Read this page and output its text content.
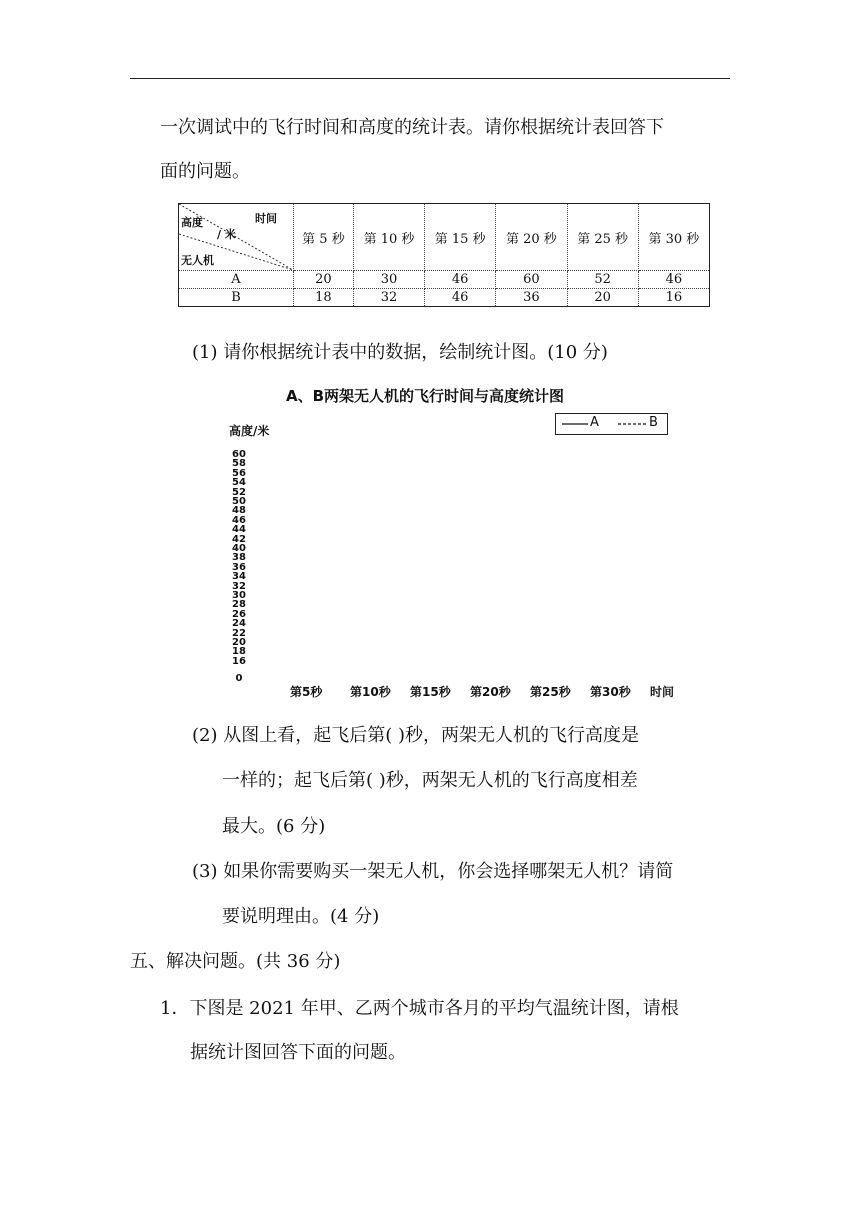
一次调试中的飞行时间和高度的统计表。请你根据统计表回答下
面的问题。
高度
/ 米
时间
无人机	第 5 秒	第 10 秒	第 15 秒	第 20 秒	第 25 秒	第 30 秒
A	20	30	46	60	52	46
B	18	32	46	36	20	16
(1) 请你根据统计表中的数据，绘制统计图。(10 分)
A、B两架无人机的飞行时间与高度统计图
A	B
高度/米
60
58
56
54
52
50
48
46
44
42
40
38
36
34
32
30
28
26
24
22
20
18
16
0
第5秒 第10秒 第15秒 第20秒 第25秒 第30秒 时间
(2) 从图上看，起飞后第( )秒，两架无人机的飞行高度是
一样的；起飞后第( )秒，两架无人机的飞行高度相差
最大。(6 分)
(3) 如果你需要购买一架无人机，你会选择哪架无人机？请简
要说明理由。(4 分)
五、解决问题。(共 36 分)
1．下图是 2021 年甲、乙两个城市各月的平均气温统计图，请根
据统计图回答下面的问题。
